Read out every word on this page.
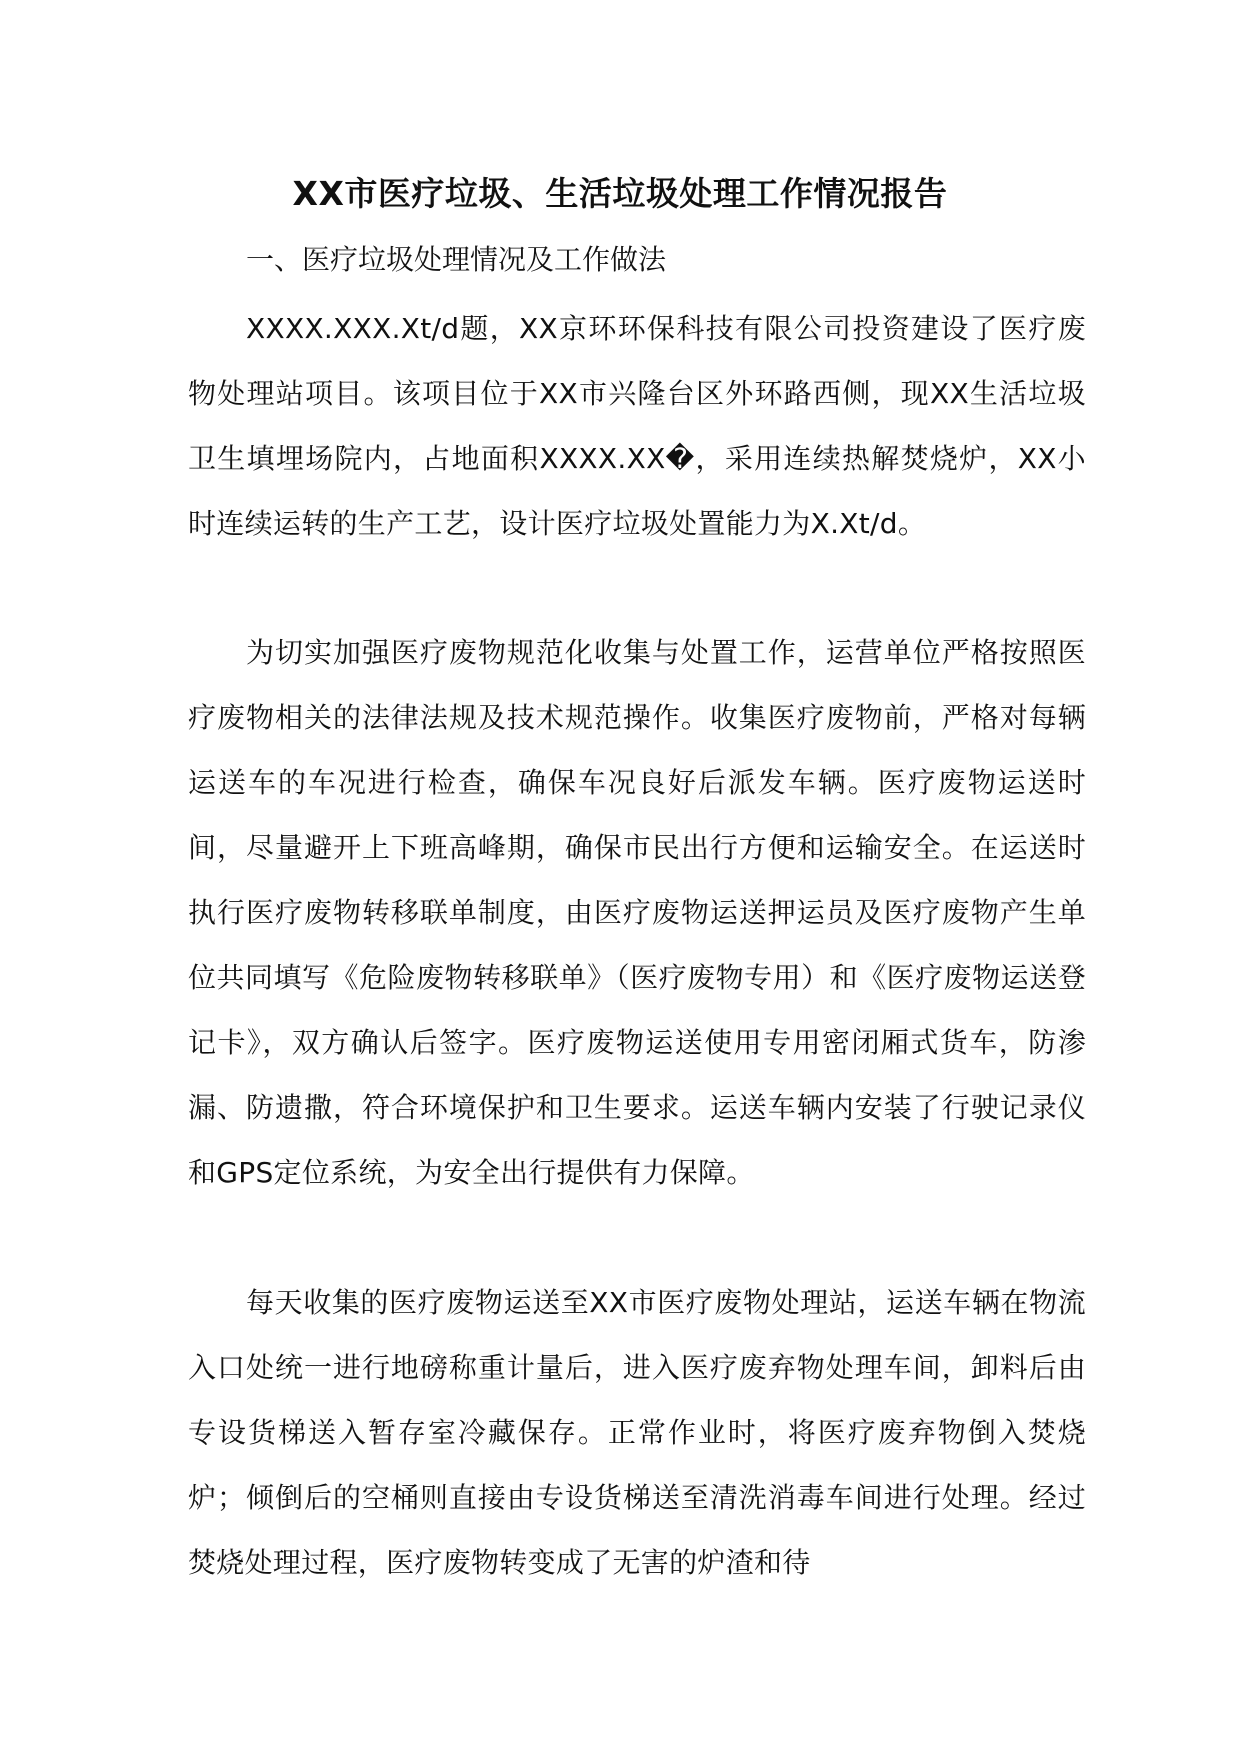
XX市医疗垃圾、生活垃圾处理工作情况报告

一、医疗垃圾处理情况及工作做法

XXXX.XXX.Xt/d题，XX京环环保科技有限公司投资建设了医疗废物处理站项目。该项目位于XX市兴隆台区外环路西侧，现XX生活垃圾卫生填埋场院内，占地面积XXXX.XX�，采用连续热解焚烧炉，XX小时连续运转的生产工艺，设计医疗垃圾处置能力为X.Xt/d。

为切实加强医疗废物规范化收集与处置工作，运营单位严格按照医疗废物相关的法律法规及技术规范操作。收集医疗废物前，严格对每辆运送车的车况进行检查，确保车况良好后派发车辆。医疗废物运送时间，尽量避开上下班高峰期，确保市民出行方便和运输安全。在运送时执行医疗废物转移联单制度，由医疗废物运送押运员及医疗废物产生单位共同填写《危险废物转移联单》（医疗废物专用）和《医疗废物运送登记卡》，双方确认后签字。医疗废物运送使用专用密闭厢式货车，防渗漏、防遗撒，符合环境保护和卫生要求。运送车辆内安装了行驶记录仪和GPS定位系统，为安全出行提供有力保障。

每天收集的医疗废物运送至XX市医疗废物处理站，运送车辆在物流入口处统一进行地磅称重计量后，进入医疗废弃物处理车间，卸料后由专设货梯送入暂存室冷藏保存。正常作业时，将医疗废弃物倒入焚烧炉；倾倒后的空桶则直接由专设货梯送至清洗消毒车间进行处理。经过焚烧处理过程，医疗废物转变成了无害的炉渣和待
